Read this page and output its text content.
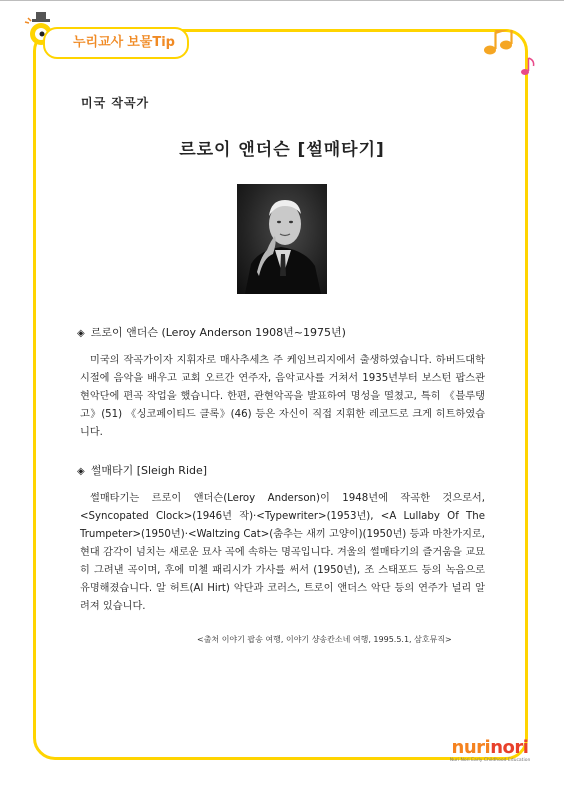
누리교사 보물Tip
미국 작곡가
르로이 앤더슨 [썰매타기]
◈ 르로이 앤더슨 (Leroy Anderson 1908년~1975년)

미국의 작곡가이자 지휘자로 매사추세츠 주 케임브리지에서 출생하였습니다. 하버드대학시절에 음악을 배우고 교회 오르간 연주자, 음악교사를 거쳐서 1935년부터 보스턴 팝스관현악단에 편곡 작업을 했습니다. 한편, 관현악곡을 발표하여 명성을 떨쳤고, 특히 《블루탱고》(51) 《싱코페이티드 클록》(46) 등은 자신이 직접 지휘한 레코드로 크게 히트하였습니다.

◈ 썰매타기 [Sleigh Ride]

썰매타기는 르로이 앤더슨(Leroy Anderson)이 1948년에 작곡한 것으로서, <Syncopated Clock>(1946년 작)·<Typewriter>(1953년), <A Lullaby Of The Trumpeter>(1950년)·<Waltzing Cat>(춤추는 새끼 고양이)(1950년) 등과 마찬가지로, 현대 감각이 넘치는 새로운 묘사 곡에 속하는 명곡입니다. 겨울의 썰매타기의 즐거움을 교묘히 그려낸 곡이며, 후에 미첼 패리시가 가사를 써서 (1950년), 조 스태포드 등의 녹음으로 유명해졌습니다. 알 허트(Al Hirt) 악단과 코러스, 트로이 앤더스 악단 등의 연주가 널리 알려져 있습니다.

<출처 이야기 팝송 여행, 이야기 샹송칸소네 여행, 1995.5.1, 삼호뮤직>
nurinori
Nuri Nori Early Childhood Education
